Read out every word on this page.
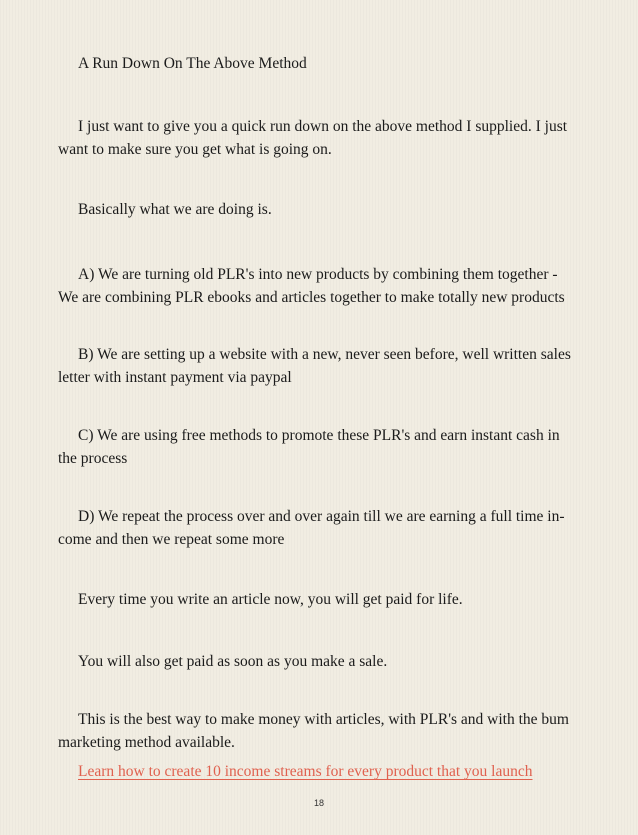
A Run Down On The Above Method

I just want to give you a quick run down on the above method I supplied. I just
want to make sure you get what is going on.

Basically what we are doing is.

A) We are turning old PLR's into new products by combining them together -
We are combining PLR ebooks and articles together to make totally new products

B) We are setting up a website with a new, never seen before, well written sales
letter with instant payment via paypal

C) We are using free methods to promote these PLR's and earn instant cash in
the process

D) We repeat the process over and over again till we are earning a full time in-
come and then we repeat some more

Every time you write an article now, you will get paid for life.

You will also get paid as soon as you make a sale.

This is the best way to make money with articles, with PLR's and with the bum
marketing method available.

Learn how to create 10 income streams for every product that you launch

18
